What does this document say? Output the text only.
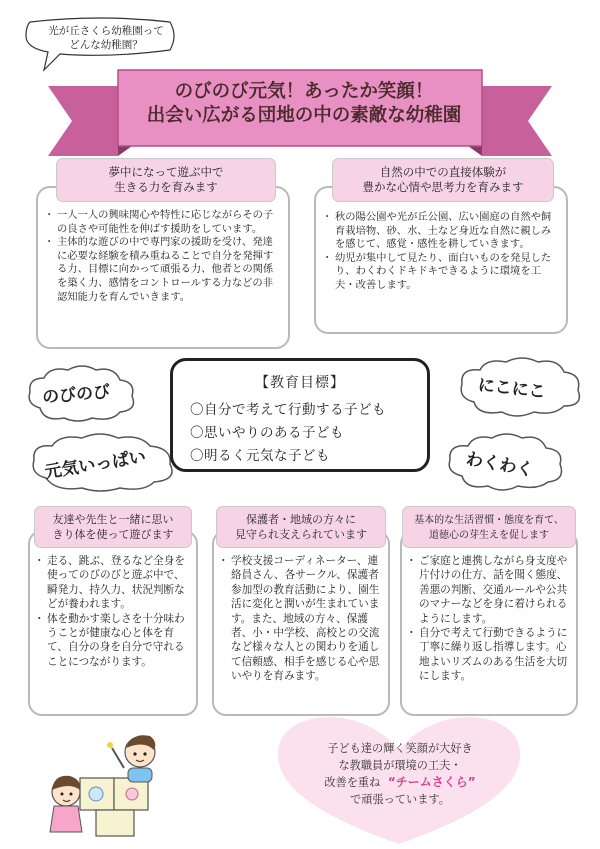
光が丘さくら幼稚園って
どんな幼稚園？
のびのび元気！あったか笑顔！
出会い広がる団地の中の素敵な幼稚園
夢中になって遊ぶ中で
生きる力を育みます
・ 一人一人の興味関心や特性に応じながらその子の良さや可能性を伸ばす援助をしています。
・ 主体的な遊びの中で専門家の援助を受け、発達に必要な経験を積み重ねることで自分を発揮する力、目標に向かって頑張る力、他者との関係を築く力、感情をコントロールする力などの非認知能力を育んでいきます。
自然の中での直接体験が
豊かな心情や思考力を育みます
・ 秋の陽公園や光が丘公園、広い園庭の自然や飼育栽培物、砂、水、土など身近な自然に親しみを感じて、感覚・感性を耕していきます。
・ 幼児が集中して見たり、面白いものを発見したり、わくわくドキドキできるように環境を工夫・改善します。
のびのび
元気いっぱい
にこにこ
わくわく
【教育目標】
〇自分で考えて行動する子ども
〇思いやりのある子ども
〇明るく元気な子ども
友達や先生と一緒に思い
きり体を使って遊びます
・ 走る、跳ぶ、登るなど全身を使ってのびのびと遊ぶ中で、瞬発力、持久力、状況判断などが養われます。
・ 体を動かす楽しさを十分味わうことが健康な心と体を育て、自分の身を自分で守れることにつながります。
保護者・地域の方々に
見守られ支えられています
・ 学校支援コーディネーター、連絡員さん、各サークル、保護者参加型の教育活動により、園生活に変化と潤いが生まれています。また、地域の方々、保護者、小・中学校、高校との交流など様々な人との関わりを通して信頼感、相手を感じる心や思いやりを育みます。
基本的な生活習慣・態度を育て、
道徳心の芽生えを促します
・ ご家庭と連携しながら身支度や片付けの仕方、話を聞く態度、善悪の判断、交通ルールや公共のマナーなどを身に着けられるようにします。
・ 自分で考えて行動できるように丁寧に繰り返し指導します。心地よいリズムのある生活を大切にします。
子ども達の輝く笑顔が大好き
な教職員が環境の工夫・
改善を重ね “チームさくら”
で頑張っています。
